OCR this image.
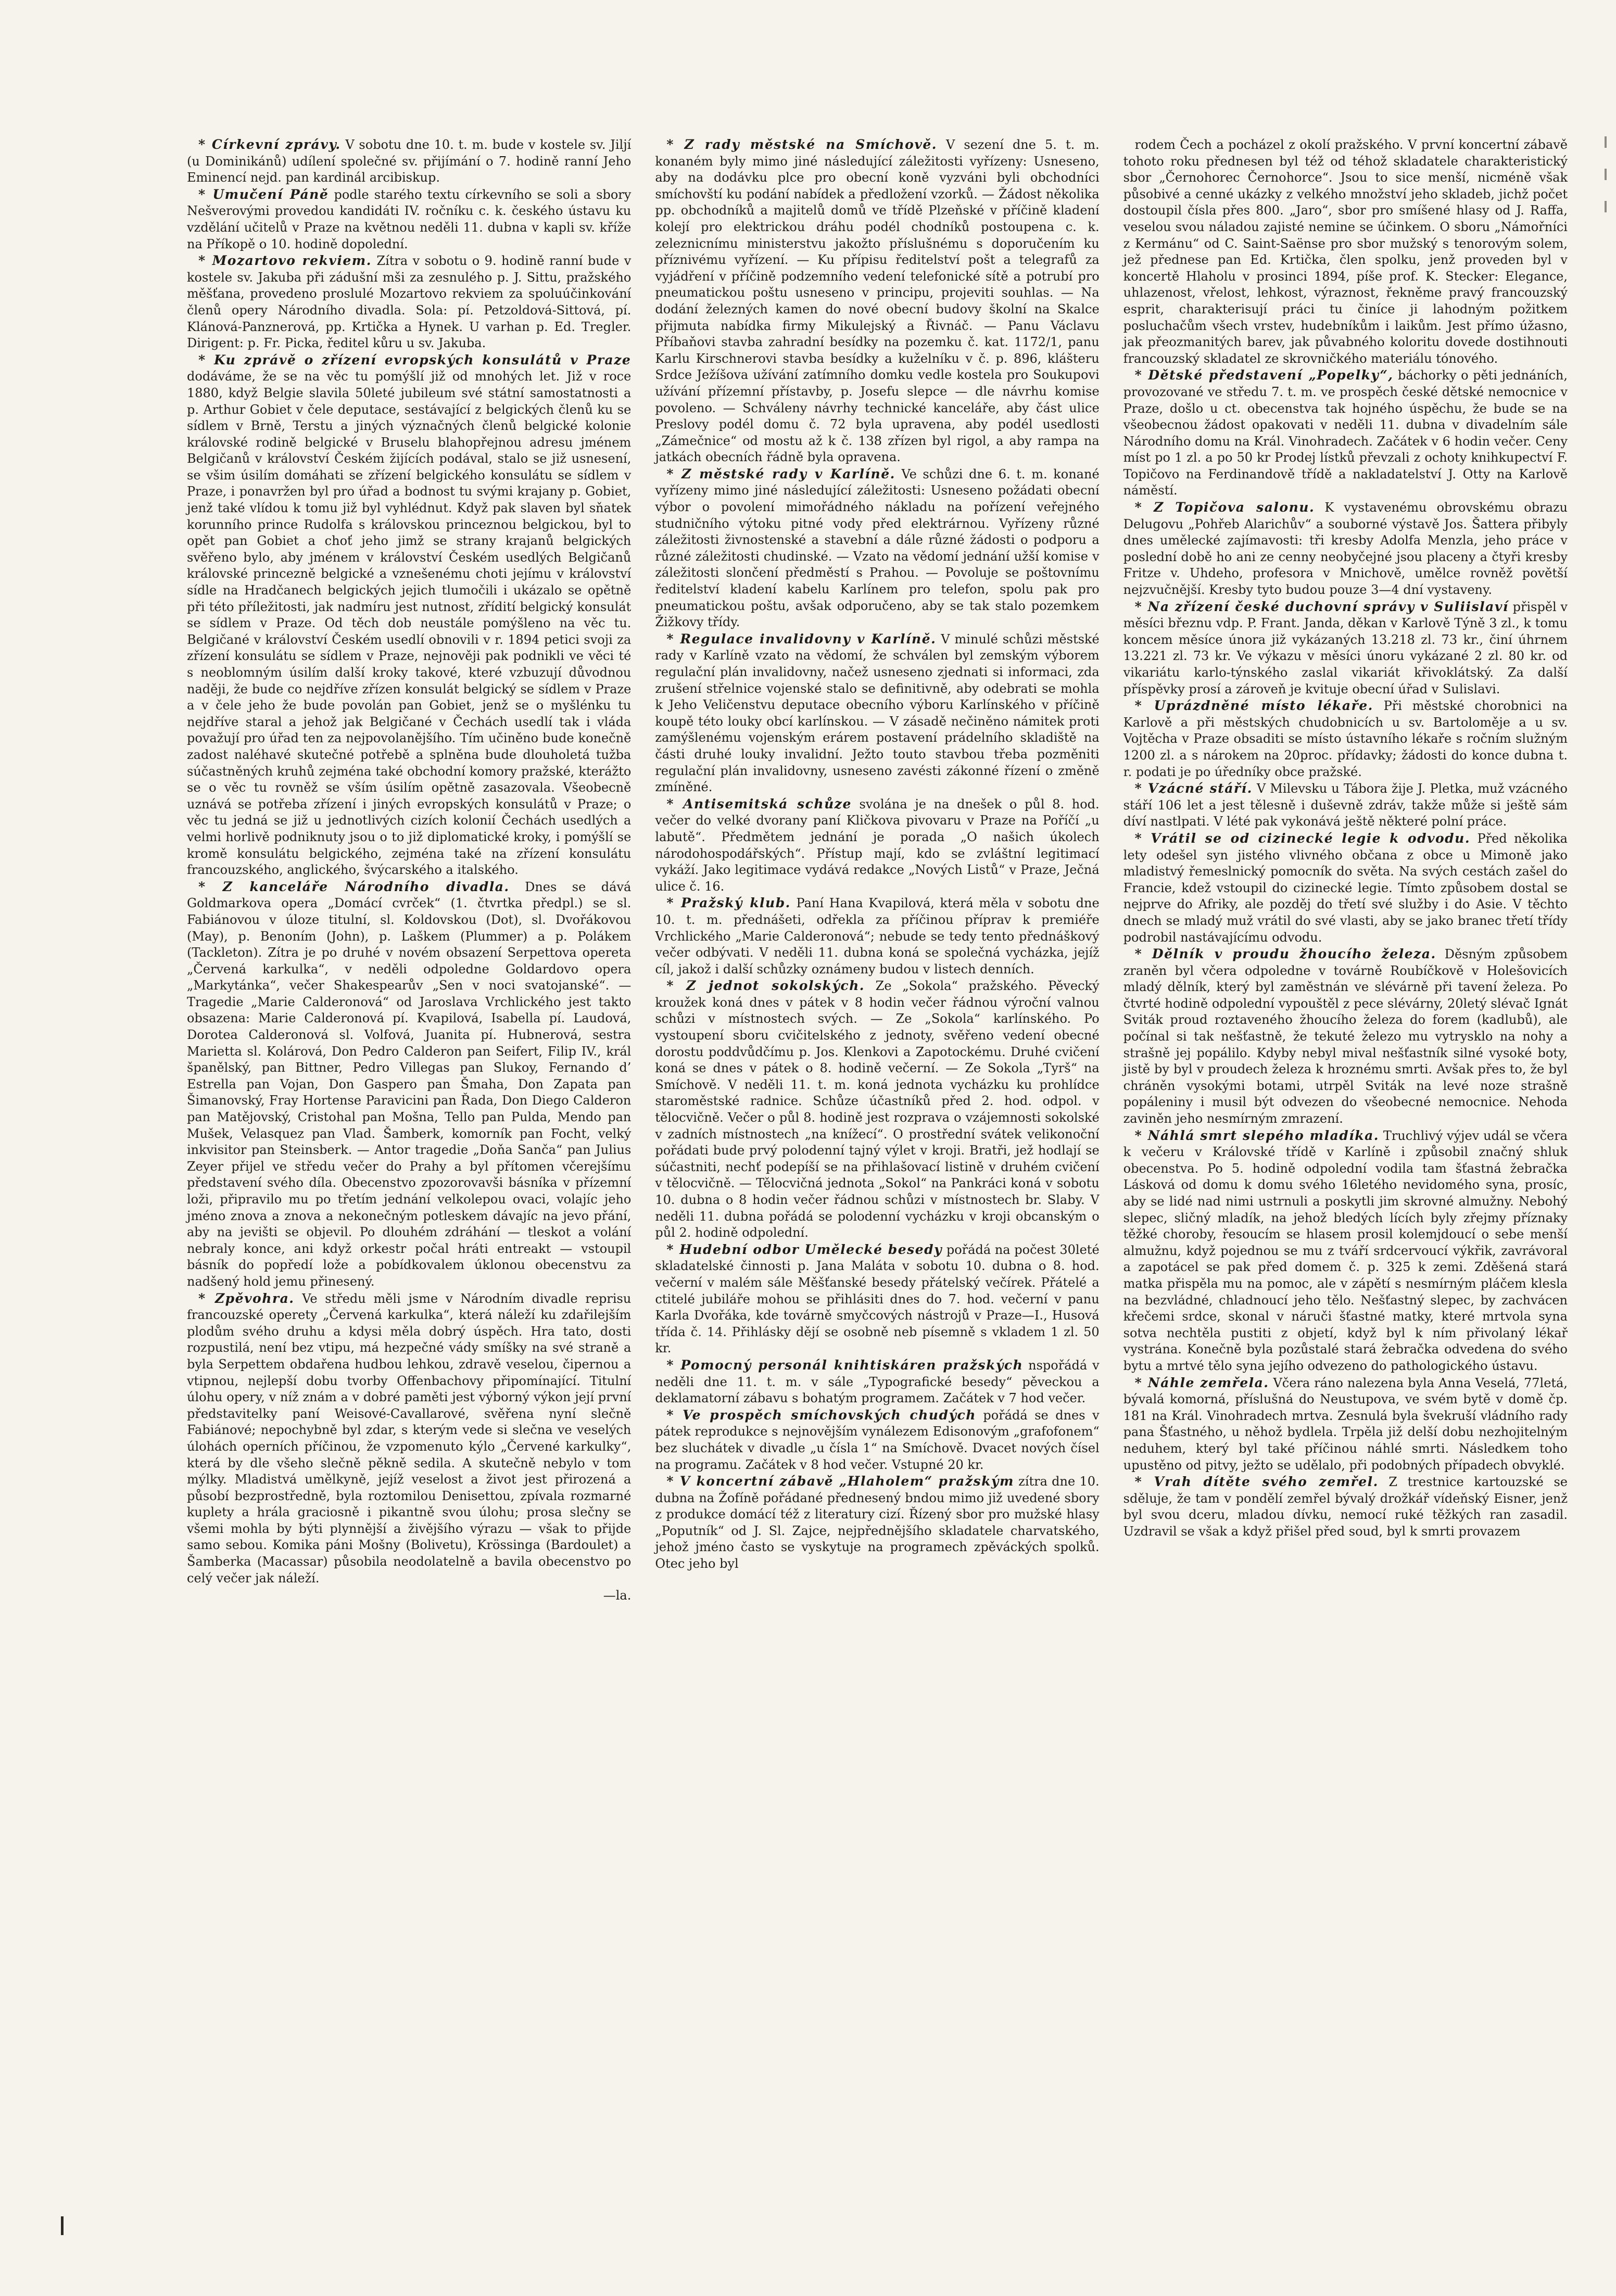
* Církevní zprávy. V sobotu dne 10. t. m. bude v kostele sv. Jiljí (u Dominikánů) udílení společné sv. přijímání o 7. hodině ranní Jeho Eminencí nejd. pan kardinál arcibiskup.

* Umučení Páně podle starého textu církevního se soli a sbory Nešverovými provedou kandidáti IV. ročníku c. k. českého ústavu ku vzdělání učitelů v Praze na květnou neděli 11. dubna v kapli sv. kříže na Příkopě o 10. hodině dopolední.

* Mozartovo rekviem. Zítra v sobotu o 9. hodině ranní bude v kostele sv. Jakuba při zádušní mši za zesnulého p. J. Sittu, pražského měšťana, provedeno proslulé Mozartovo rekviem za spoluúčinkování členů opery Národního divadla. Sola: pí. Petzoldová-Sittová, pí. Klánová-Panznerová, pp. Krtička a Hynek. U varhan p. Ed. Tregler. Dirigent: p. Fr. Picka, ředitel kůru u sv. Jakuba.

* Ku zprávě o zřízení evropských konsulátů v Praze dodáváme, že se na věc tu pomýšlí již od mnohých let. Již v roce 1880, když Belgie slavila 50leté jubileum své státní samostatnosti a p. Arthur Gobiet v čele deputace, sestávající z belgických členů ku se sídlem v Brně, Terstu a jiných význačných členů belgické kolonie královské rodině belgické v Bruselu blahopřejnou adresu jménem Belgičanů v království Českém žijících podával, stalo se již usnesení, se všim úsilím domáhati se zřízení belgického konsulátu se sídlem v Praze, i ponavržen byl pro úřad a bodnost tu svými krajany p. Gobiet, jenž také vlídou k tomu již byl vyhlédnut. Když pak slaven byl sňatek korunního prince Rudolfa s královskou princeznou belgickou, byl to opět pan Gobiet a choť jeho jimž se strany krajanů belgických svěřeno bylo, aby jménem v království Českém usedlých Belgičanů královské princezně belgické a vznešenému choti jejímu v království sídle na Hradčanech belgických jejich tlumočili i ukázalo se opětně při této příležitosti, jak nadmíru jest nutnost, zřídití belgický konsulát se sídlem v Praze. Od těch dob neustále pomýšleno na věc tu. Belgičané v království Českém usedlí obnovili v r. 1894 petici svoji za zřízení konsulátu se sídlem v Praze, nejnověji pak podnikli ve věci té s neoblomným úsilím další kroky takové, které vzbuzují důvodnou naději, že bude co nejdříve zřízen konsulát belgický se sídlem v Praze a v čele jeho že bude povolán pan Gobiet, jenž se o myšlénku tu nejdříve staral a jehož jak Belgičané v Čechách usedlí tak i vláda považují pro úřad ten za nejpovolanějšího. Tím učiněno bude konečně zadost naléhavé skutečné potřebě a splněna bude dlouholetá tužba súčastněných kruhů zejména také obchodní komory pražské, kterážto se o věc tu rovněž se vším úsilím opětně zasazovala. Všeobecně uznává se potřeba zřízení i jiných evropských konsulátů v Praze; o věc tu jedná se již u jednotlivých cizích kolonií Čechách usedlých a velmi horlivě podniknuty jsou o to již diplomatické kroky, i pomýšlí se kromě konsulátu belgického, zejména také na zřízení konsulátu francouzského, anglického, švýcarského a italského.

* Z kanceláře Národního divadla. Dnes se dává Goldmarkova opera „Domácí cvrček“ (1. čtvrtka předpl.) se sl. Fabiánovou v úloze titulní, sl. Koldovskou (Dot), sl. Dvořákovou (May), p. Benoním (John), p. Laškem (Plummer) a p. Polákem (Tackleton). Zítra je po druhé v novém obsazení Serpettova opereta „Červená karkulka“, v neděli odpoledne Goldardovo opera „Markytánka“, večer Shakespearův „Sen v noci svatojanské“. — Tragedie „Marie Calderonová“ od Jaroslava Vrchlického jest takto obsazena: Marie Calderonová pí. Kvapilová, Isabella pí. Laudová, Dorotea Calderonová sl. Volfová, Juanita pí. Hubnerová, sestra Marietta sl. Kolárová, Don Pedro Calderon pan Seifert, Filip IV., král španělský, pan Bittner, Pedro Villegas pan Slukoy, Fernando d’ Estrella pan Vojan, Don Gaspero pan Šmaha, Don Zapata pan Šimanovský, Fray Hortense Paravicini pan Řada, Don Diego Calderon pan Matějovský, Cristohal pan Mošna, Tello pan Pulda, Mendo pan Mušek, Velasquez pan Vlad. Šamberk, komorník pan Focht, velký inkvisitor pan Steinsberk. — Antor tragedie „Doňa Sanča“ pan Julius Zeyer přijel ve středu večer do Prahy a byl přítomen včerejšímu představení svého díla. Obecenstvo zpozorovavši básníka v přízemní loži, připravilo mu po třetím jednání velkolepou ovaci, volajíc jeho jméno znova a znova a nekonečným potleskem dávajíc na jevo přání, aby na jevišti se objevil. Po dlouhém zdráhání — tleskot a volání nebraly konce, ani když orkestr počal hráti entreakt — vstoupil básník do popředí lože a pobídkovalem úklonou obecenstvu za nadšený hold jemu přinesený.

* Zpěvohra. Ve středu měli jsme v Národním divadle reprisu francouzské operety „Červená karkulka“, která náleží ku zdařilejším plodům svého druhu a kdysi měla dobrý úspěch. Hra tato, dosti rozpustilá, není bez vtipu, má hezpečné vády smíšky na své straně a byla Serpettem obdařena hudbou lehkou, zdravě veselou, čipernou a vtipnou, nejlepší dobu tvorby Offenbachovy připomínající. Titulní úlohu opery, v níž znám a v dobré paměti jest výborný výkon její první představitelky paní Weisové-Cavallarové, svěřena nyní slečně Fabiánové; nepochybně byl zdar, s kterým vede si slečna ve veselých úlohách operních příčinou, že vzpomenuto kýlo „Červené karkulky“, která by dle všeho slečně pěkně sedila. A skutečně nebylo v tom mýlky. Mladistvá umělkyně, jejíž veselost a život jest přirozená a působí bezprostředně, byla roztomilou Denisettou, zpívala rozmarné kuplety a hrála graciosně i pikantně svou úlohu; prosa slečny se všemi mohla by býti plynnější a živějšího výrazu — však to přijde samo sebou. Komika páni Mošny (Bolivetu), Krössinga (Bardoulet) a Šamberka (Macassar) působila neodolatelně a bavila obecenstvo po celý večer jak náleží.

—la.

* Z rady městské na Smíchově. V sezení dne 5. t. m. konaném byly mimo jiné následující záležitosti vyřízeny: Usneseno, aby na dodávku plce pro obecní koně vyzváni byli obchodníci smíchovští ku podání nabídek a předložení vzorků. — Žádost několika pp. obchodníků a majitelů domů ve třídě Plzeňské v příčině kladení kolejí pro elektrickou dráhu podél chodníků postoupena c. k. zeleznicnímu ministerstvu jakožto příslušnému s doporučením ku příznivému vyřízení. — Ku přípisu ředitelství pošt a telegrafů za vyjádření v příčině podzemního vedení telefonické sítě a potrubí pro pneumatickou poštu usneseno v principu, projeviti souhlas. — Na dodání železných kamen do nové obecní budovy školní na Skalce přijmuta nabídka firmy Mikulejský a Řivnáč. — Panu Václavu Příbaňovi stavba zahradní besídky na pozemku č. kat. 1172/1, panu Karlu Kirschnerovi stavba besídky a kuželníku v č. p. 896, klášteru Srdce Ježíšova užívání zatímního domku vedle kostela pro Soukupovi užívání přízemní přístavby, p. Josefu slepce — dle návrhu komise povoleno. — Schváleny návrhy technické kanceláře, aby část ulice Preslovy podél domu č. 72 byla upravena, aby podél usedlosti „Zámečnice“ od mostu až k č. 138 zřízen byl rigol, a aby rampa na jatkách obecních řádně byla opravena.

* Z městské rady v Karlíně. Ve schůzi dne 6. t. m. konané vyřízeny mimo jiné následující záležitosti: Usneseno požádati obecní výbor o povolení mimořádného nákladu na pořízení veřejného studničního výtoku pitné vody před elektrárnou. Vyřízeny různé záležitosti živnostenské a stavební a dále různé žádosti o podporu a různé záležitosti chudinské. — Vzato na vědomí jednání užší komise v záležitosti slončení předměstí s Prahou. — Povoluje se poštovnímu ředitelství kladení kabelu Karlínem pro telefon, spolu pak pro pneumatickou poštu, avšak odporučeno, aby se tak stalo pozemkem Žižkovy třídy.

* Regulace invalidovny v Karlíně. V minulé schůzi městské rady v Karlíně vzato na vědomí, že schválen byl zemským výborem regulační plán invalidovny, načež usneseno zjednati si informaci, zda zrušení střelnice vojenské stalo se definitivně, aby odebrati se mohla k Jeho Veličenstvu deputace obecního výboru Karlínského v příčině koupě této louky obcí karlínskou. — V zásadě nečiněno námitek proti zamýšlenému vojenským erárem postavení prádelního skladiště na části druhé louky invalidní. Ježto touto stavbou třeba pozměniti regulační plán invalidovny, usneseno zavésti zákonné řízení o změně zmíněné.

* Antisemitská schůze svolána je na dnešek o půl 8. hod. večer do velké dvorany paní Kličkova pivovaru v Praze na Poříčí „u labutě“. Předmětem jednání je porada „O našich úkolech národohospodářských“. Přístup mají, kdo se zvláštní legitimací vykáží. Jako legitimace vydává redakce „Nových Listů“ v Praze, Ječná ulice č. 16.

* Pražský klub. Paní Hana Kvapilová, která měla v sobotu dne 10. t. m. přednášeti, odřekla za příčinou příprav k premiéře Vrchlického „Marie Calderonová“; nebude se tedy tento přednáškový večer odbývati. V neděli 11. dubna koná se společná vycházka, jejíž cíl, jakož i další schůzky oznámeny budou v listech denních.

* Z jednot sokolských. Ze „Sokola“ pražského. Pěvecký kroužek koná dnes v pátek v 8 hodin večer řádnou výroční valnou schůzi v místnostech svých. — Ze „Sokola“ karlínského. Po vystoupení sboru cvičitelského z jednoty, svěřeno vedení obecné dorostu poddvůdčímu p. Jos. Klenkovi a Zapotockému. Druhé cvičení koná se dnes v pátek o 8. hodině večerní. — Ze Sokola „Tyrš“ na Smíchově. V neděli 11. t. m. koná jednota vycházku ku prohlídce staroměstské radnice. Schůze účastníků před 2. hod. odpol. v tělocvičně. Večer o půl 8. hodině jest rozprava o vzájemnosti sokolské v zadních místnostech „na knížecí“. O prostřední svátek velikonoční pořádati bude prvý polodenní tajný výlet v kroji. Bratři, jež hodlají se súčastniti, nechť podepíší se na přihlašovací listině v druhém cvičení v tělocvičně. — Tělocvičná jednota „Sokol“ na Pankráci koná v sobotu 10. dubna o 8 hodin večer řádnou schůzi v místnostech br. Slaby. V neděli 11. dubna pořádá se polodenní vycházku v kroji obcanským o půl 2. hodině odpolední.

* Hudební odbor Umělecké besedy pořádá na počest 30leté skladatelské činnosti p. Jana Maláta v sobotu 10. dubna o 8. hod. večerní v malém sále Měšťanské besedy přátelský večírek. Přátelé a ctitelé jubiláře mohou se přihlásiti dnes do 7. hod. večerní v panu Karla Dvořáka, kde továrně smyčcových nástrojů v Praze—I., Husová třída č. 14. Přihlásky dějí se osobně neb písemně s vkladem 1 zl. 50 kr.

* Pomocný personál knihtiskáren pražských nspořádá v neděli dne 11. t. m. v sále „Typografické besedy“ pěveckou a deklamatorní zábavu s bohatým programem. Začátek v 7 hod večer.

* Ve prospěch smíchovských chudých pořádá se dnes v pátek reprodukce s nejnovějším vynálezem Edisonovým „grafofonem“ bez sluchátek v divadle „u čísla 1“ na Smíchově. Dvacet nových čísel na programu. Začátek v 8 hod večer. Vstupné 20 kr.

* V koncertní zábavě „Hlaholem“ pražským zítra dne 10. dubna na Žofíně pořádané přednesený bndou mimo již uvedené sbory z produkce domácí též z literatury cizí. Řízený sbor pro mužské hlasy „Poputník“ od J. Sl. Zajce, nejpřednějšího skladatele charvatského, jehož jméno často se vyskytuje na programech zpěváckých spolků. Otec jeho byl

rodem Čech a pocházel z okolí pražského. V první koncertní zábavě tohoto roku přednesen byl též od téhož skladatele charakteristický sbor „Černohorec Černohorce“. Jsou to sice menší, nicméně však působivé a cenné ukázky z velkého množství jeho skladeb, jichž počet dostoupil čísla přes 800. „Jaro“, sbor pro smíšené hlasy od J. Raffa, veselou svou náladou zajisté nemine se účinkem. O sboru „Námořníci z Kermánu“ od C. Saint-Saënse pro sbor mužský s tenorovým solem, jež přednese pan Ed. Krtička, člen spolku, jenž proveden byl v koncertě Hlaholu v prosinci 1894, píše prof. K. Stecker: Elegance, uhlazenost, vřelost, lehkost, výraznost, řekněme pravý francouzský esprit, charakterisují práci tu činíce ji lahodným požitkem posluchačům všech vrstev, hudebníkům i laikům. Jest přímo úžasno, jak přeozmanitých barev, jak půvabného koloritu dovede dostihnouti francouzský skladatel ze skrovničkého materiálu tónového.

* Dětské představení „Popelky“, báchorky o pěti jednáních, provozované ve středu 7. t. m. ve prospěch české dětské nemocnice v Praze, došlo u ct. obecenstva tak hojného úspěchu, že bude se na všeobecnou žádost opakovati v neděli 11. dubna v divadelním sále Národního domu na Král. Vinohradech. Začátek v 6 hodin večer. Ceny míst po 1 zl. a po 50 kr Prodej lístků převzali z ochoty knihkupectví F. Topičovo na Ferdinandově třídě a nakladatelství J. Otty na Karlově náměstí.

* Z Topičova salonu. K vystavenému obrovskému obrazu Delugovu „Pohřeb Alarichův“ a souborné výstavě Jos. Šattera přibyly dnes umělecké zajímavosti: tři kresby Adolfa Menzla, jeho práce v poslední době ho ani ze cenny neobyčejné jsou placeny a čtyři kresby Fritze v. Uhdeho, profesora v Mnichově, umělce rovněž povětší nejzvučnější. Kresby tyto budou pouze 3—4 dní vystaveny.

* Na zřízení české duchovní správy v Suliislaví přispěl v měsíci březnu vdp. P. Frant. Janda, děkan v Karlově Týně 3 zl., k tomu koncem měsíce února již vykázaných 13.218 zl. 73 kr., činí úhrnem 13.221 zl. 73 kr. Ve výkazu v měsíci únoru vykázané 2 zl. 80 kr. od vikariátu karlo-týnského zaslal vikariát křivoklátský. Za další příspěvky prosí a zároveň je kvituje obecní úřad v Sulislavi.

* Uprázdněné místo lékaře. Při městské chorobnici na Karlově a při městských chudobnicích u sv. Bartoloměje a u sv. Vojtěcha v Praze obsaditi se místo ústavního lékaře s ročním služným 1200 zl. a s nárokem na 20proc. přídavky; žádosti do konce dubna t. r. podati je po úředníky obce pražské.

* Vzácné stáří. V Milevsku u Tábora žije J. Pletka, muž vzácného stáří 106 let a jest tělesně i duševně zdráv, takže může si ještě sám díví nastlpati. V lété pak vykonává ještě některé polní práce.

* Vrátil se od cizinecké legie k odvodu. Před několika lety odešel syn jistého vlivného občana z obce u Mimoně jako mladistvý řemeslnický pomocník do světa. Na svých cestách zašel do Francie, kdež vstoupil do cizinecké legie. Tímto způsobem dostal se nejprve do Afriky, ale pozděj do třetí své služby i do Asie. V těchto dnech se mladý muž vrátil do své vlasti, aby se jako branec třetí třídy podrobil nastávajícímu odvodu.

* Dělník v proudu žhoucího železa. Děsným způsobem zraněn byl včera odpoledne v továrně Roubíčkově v Holešovicích mladý dělník, který byl zaměstnán ve slévárně při tavení železa. Po čtvrté hodině odpolední vypouštěl z pece slévárny, 20letý slévač Ignát Sviták proud roztaveného žhoucího železa do forem (kadlubů), ale počínal si tak nešťastně, že tekuté železo mu vytrysklo na nohy a strašně jej popálilo. Kdyby nebyl mival nešťastník silné vysoké boty, jistě by byl v proudech železa k hroznému smrti. Avšak přes to, že byl chráněn vysokými botami, utrpěl Sviták na levé noze strašně popáleniny i musil být odvezen do všeobecné nemocnice. Nehoda zaviněn jeho nesmírným zmrazení.

* Náhlá smrt slepého mladíka. Truchlivý výjev udál se včera k večeru v Královské třídě v Karlíně i způsobil značný shluk obecenstva. Po 5. hodině odpolední vodila tam šťastná žebračka Lásková od domu k domu svého 16letého nevidomého syna, prosíc, aby se lidé nad nimi ustrnuli a poskytli jim skrovné almužny. Nebohý slepec, sličný mladík, na jehož bledých lících byly zřejmy příznaky těžké choroby, řesoucím se hlasem prosil kolemjdoucí o sebe menší almužnu, když pojednou se mu z tváří srdcervoucí výkřik, zavrávoral a zapotácel se pak před domem č. p. 325 k zemi. Zděšená stará matka přispěla mu na pomoc, ale v zápětí s nesmírným pláčem klesla na bezvládné, chladnoucí jeho tělo. Nešťastný slepec, by zachvácen křečemi srdce, skonal v náruči šťastné matky, které mrtvola syna sotva nechtěla pustiti z objetí, když byl k ním přivolaný lékař vystrána. Konečně byla pozůstalé stará žebračka odvedena do svého bytu a mrtvé tělo syna jejího odvezeno do pathologického ústavu.

* Náhle zemřela. Včera ráno nalezena byla Anna Veselá, 77letá, bývalá komorná, příslušná do Neustupova, ve svém bytě v domě čp. 181 na Král. Vinohradech mrtva. Zesnulá byla švekruší vládního rady pana Šťastného, u něhož bydlela. Trpěla již delší dobu nezhojitelným neduhem, který byl také příčinou náhlé smrti. Následkem toho upustěno od pitvy, ježto se udělalo, při podobných případech obvyklé.

* Vrah dítěte svého zemřel. Z trestnice kartouzské se sděluje, že tam v pondělí zemřel bývalý drožkář vídeňský Eisner, jenž byl svou dceru, mladou dívku, nemocí ruké těžkých ran zasadil. Uzdravil se však a když přišel před soud, byl k smrti provazem
